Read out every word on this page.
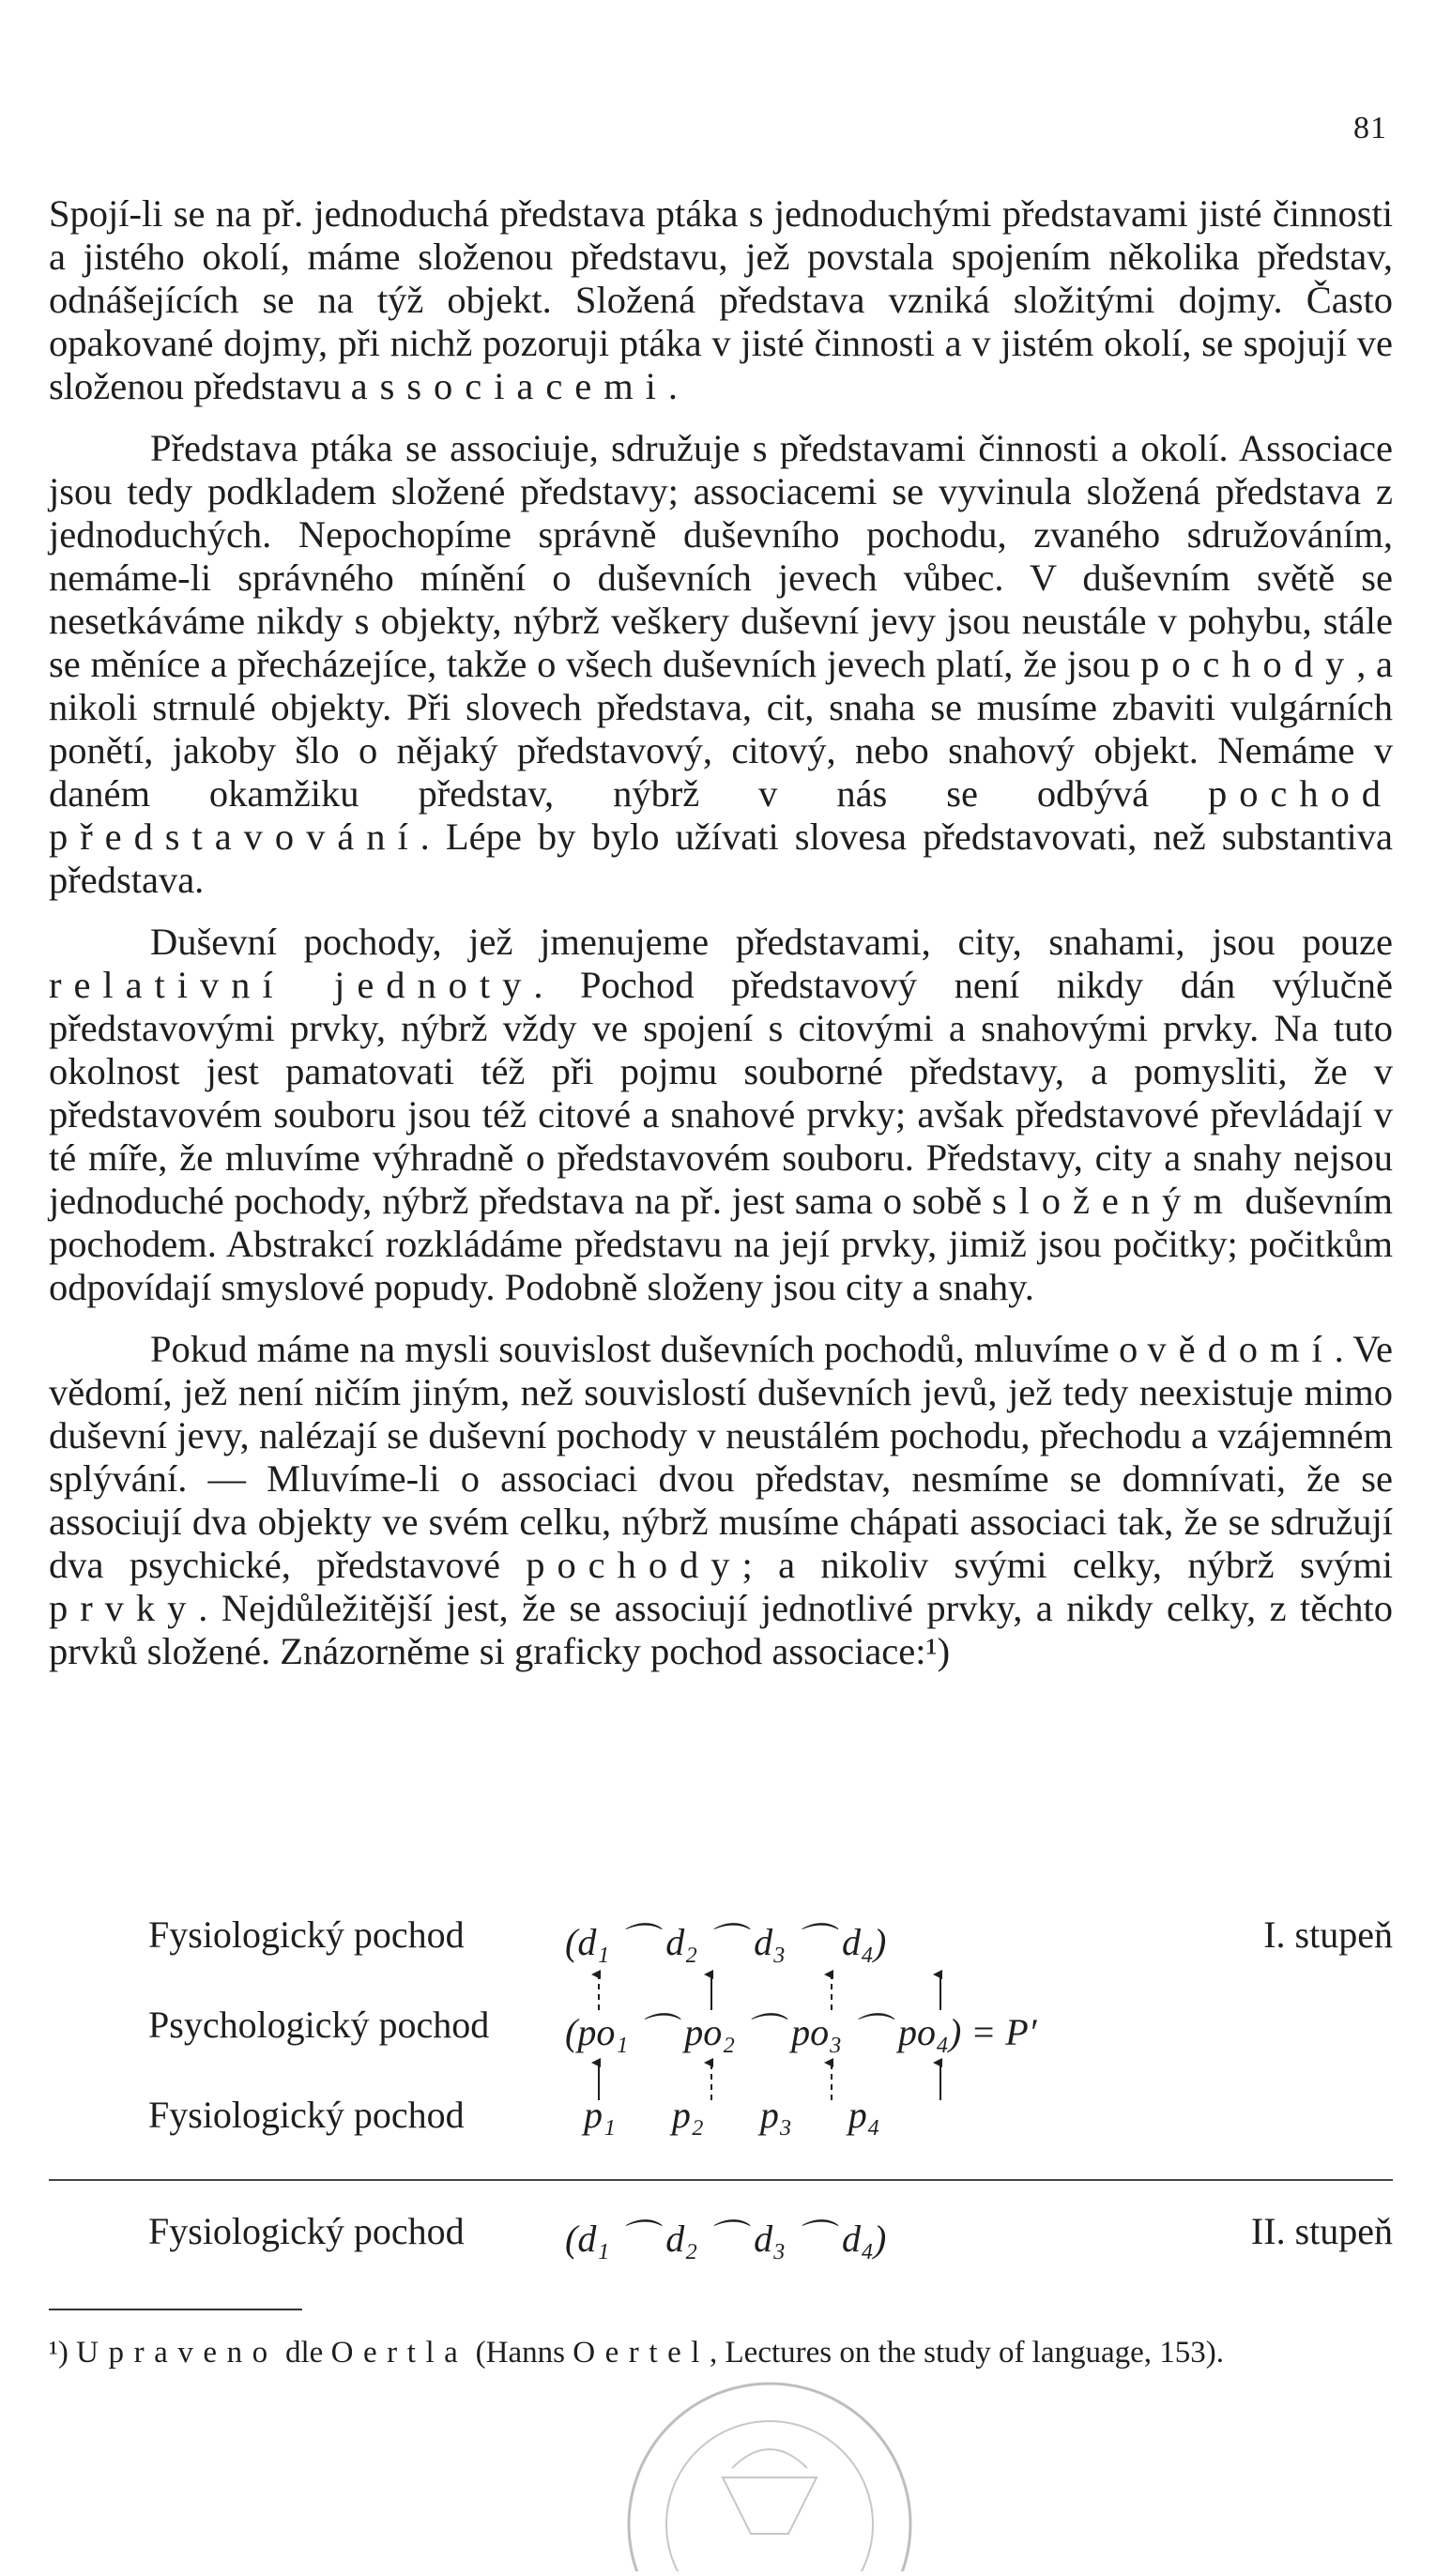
81

Spojí-li se na př. jednoduchá představa ptáka s jednoduchými představami jisté činnosti a jistého okolí, máme složenou představu, jež povstala spojením několika představ, odnášejících se na týž objekt. Složená představa vzniká složitými dojmy. Často opakované dojmy, při nichž pozoruji ptáka v jisté činnosti a v jistém okolí, se spojují ve složenou představu associacemi.

Představa ptáka se associuje, sdružuje s představami činnosti a okolí. Associace jsou tedy podkladem složené představy; associacemi se vyvinula složená představa z jednoduchých. Nepochopíme správně duševního pochodu, zvaného sdružováním, nemáme-li správného mínění o duševních jevech vůbec. V duševním světě se nesetkáváme nikdy s objekty, nýbrž veškery duševní jevy jsou neustále v pohybu, stále se měníce a přecházejíce, takže o všech duševních jevech platí, že jsou pochody, a nikoli strnulé objekty. Při slovech představa, cit, snaha se musíme zbaviti vulgárních ponětí, jakoby šlo o nějaký představový, citový, nebo snahový objekt. Nemáme v daném okamžiku představ, nýbrž v nás se odbývá pochod představování. Lépe by bylo užívati slovesa představovati, než substantiva představa.

Duševní pochody, jež jmenujeme představami, city, snahami, jsou pouze relativní jednoty. Pochod představový není nikdy dán výlučně představovými prvky, nýbrž vždy ve spojení s citovými a snahovými prvky. Na tuto okolnost jest pamatovati též při pojmu souborné představy, a pomysliti, že v představovém souboru jsou též citové a snahové prvky; avšak představové převládají v té míře, že mluvíme výhradně o představovém souboru. Představy, city a snahy nejsou jednoduché pochody, nýbrž představa na př. jest sama o sobě složeným duševním pochodem. Abstrakcí rozkládáme představu na její prvky, jimiž jsou počitky; počitkům odpovídají smyslové popudy. Podobně složeny jsou city a snahy.

Pokud máme na mysli souvislost duševních pochodů, mluvíme o vědomí. Ve vědomí, jež není ničím jiným, než souvislostí duševních jevů, jež tedy neexistuje mimo duševní jevy, nalézají se duševní pochody v neustálém pochodu, přechodu a vzájemném splývání. — Mluvíme-li o associaci dvou představ, nesmíme se domnívati, že se associují dva objekty ve svém celku, nýbrž musíme chápati associaci tak, že se sdružují dva psychické, představové pochody; a nikoliv svými celky, nýbrž svými prvky. Nejdůležitější jest, že se associují jednotlivé prvky, a nikdy celky, z těchto prvků složené. Znázorněme si graficky pochod associace:¹)

Fysiologický pochod	(d₁ ⌒ d₂ ⌒ d₃ ⌒ d₄)	I. stupeň
Psychologický pochod (po₁ ⌒ po₂ ⌒ po₃ ⌒ po₄) = P′
Fysiologický pochod	p₁      p₂      p₃      p₄
Fysiologický pochod	(d₁ ⌒ d₂ ⌒ d₃ ⌒ d₄)	II. stupeň
¹) Upraveno dle Oertla (Hanns Oertel, Lectures on the study of language, 153).
